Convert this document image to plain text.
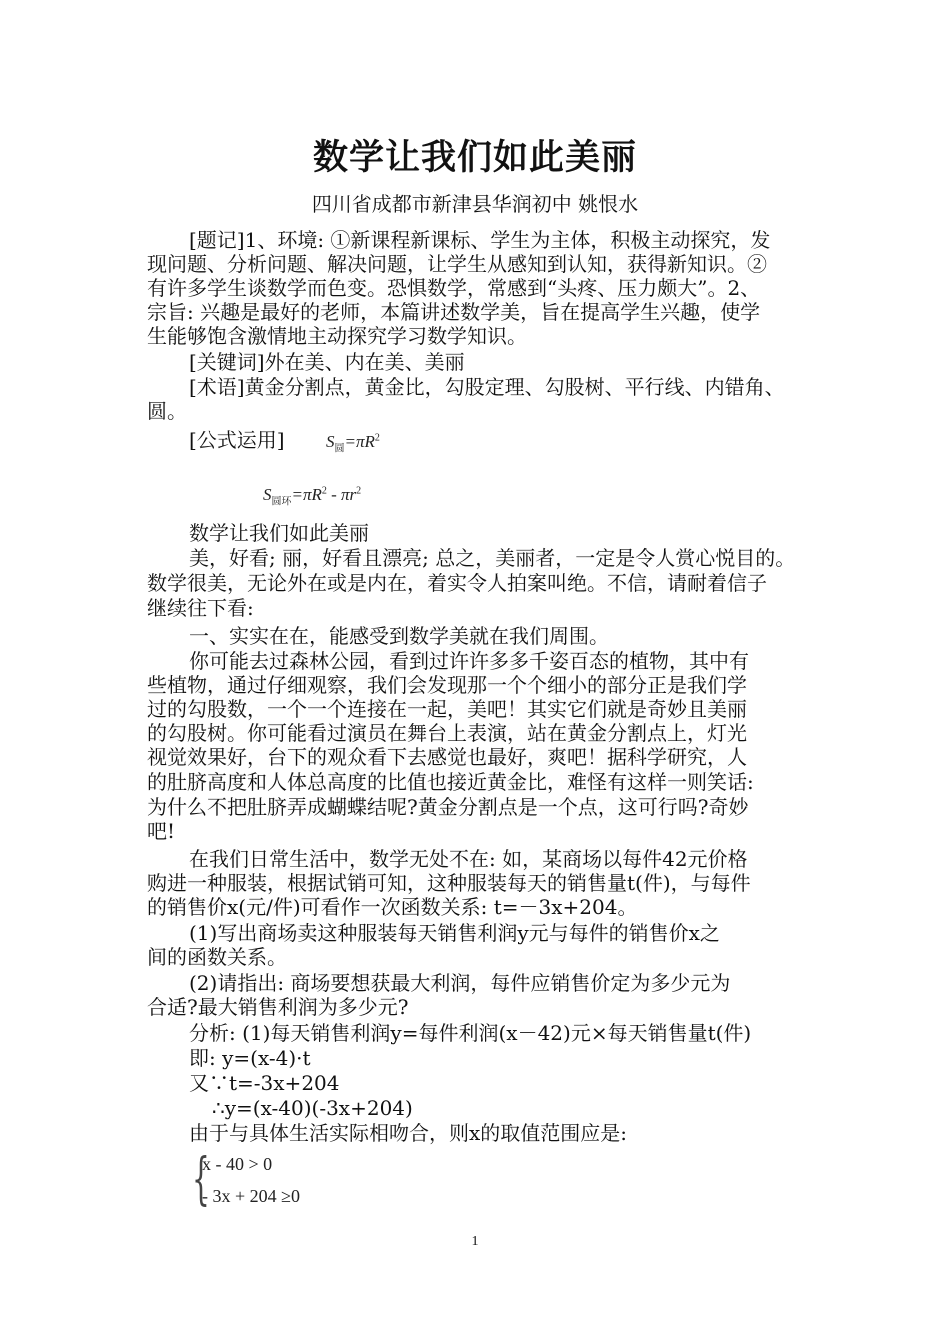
数学让我们如此美丽
四川省成都市新津县华润初中 姚恨水
[题记]1、环境: ①新课程新课标、学生为主体，积极主动探究，发
现问题、分析问题、解决问题，让学生从感知到认知，获得新知识。②
有许多学生谈数学而色变。恐惧数学，常感到“头疼、压力颇大”。2、
宗旨: 兴趣是最好的老师，本篇讲述数学美，旨在提高学生兴趣，使学
生能够饱含激情地主动探究学习数学知识。
[关键词]外在美、内在美、美丽
[术语]黄金分割点，黄金比，勾股定理、勾股树、平行线、内错角、
圆。
[公式运用] $S_圆=\pi R^2$
$S_{圆环}=\pi R^2 - \pi r^2$
数学让我们如此美丽
美，好看; 丽，好看且漂亮; 总之，美丽者，一定是令人赏心悦目的。
数学很美，无论外在或是内在，着实令人拍案叫绝。不信，请耐着信子
继续往下看:
一、实实在在，能感受到数学美就在我们周围。
你可能去过森林公园，看到过许许多多千姿百态的植物，其中有
些植物，通过仔细观察，我们会发现那一个个细小的部分正是我们学
过的勾股数，一个一个连接在一起，美吧！其实它们就是奇妙且美丽
的勾股树。你可能看过演员在舞台上表演，站在黄金分割点上，灯光
视觉效果好，台下的观众看下去感觉也最好，爽吧！据科学研究，人
的肚脐高度和人体总高度的比值也接近黄金比，难怪有这样一则笑话:
为什么不把肚脐弄成蝴蝶结呢?黄金分割点是一个点，这可行吗?奇妙
吧!
在我们日常生活中，数学无处不在: 如，某商场以每件42元价格
购进一种服装，根据试销可知，这种服装每天的销售量t(件)，与每件
的销售价x(元/件)可看作一次函数关系: t=－3x+204。
(1)写出商场卖这种服装每天销售利润y元与每件的销售价x之
间的函数关系。
(2)请指出: 商场要想获最大利润，每件应销售价定为多少元为
合适?最大销售利润为多少元?
分析: (1)每天销售利润y=每件利润(x－42)元×每天销售量t(件)
即: y=(x-4)·t
又∵t=-3x+204
∴y=(x-40)(-3x+204)
由于与具体生活实际相吻合，则x的取值范围应是:
{
x - 40 > 0
- 3x + 204 ≥0
1
